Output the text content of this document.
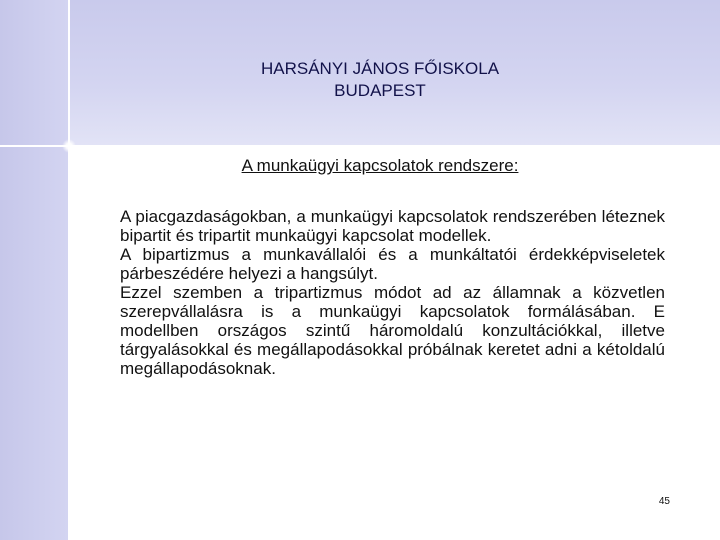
HARSÁNYI JÁNOS FŐISKOLA
BUDAPEST
A munkaügyi kapcsolatok rendszere:

A piacgazdaságokban, a munkaügyi kapcsolatok rendszerében léteznek bipartit és tripartit munkaügyi kapcsolat modellek.

A bipartizmus a munkavállalói és a munkáltatói érdekképviseletek párbeszédére helyezi a hangsúlyt.

Ezzel szemben a tripartizmus módot ad az államnak a közvetlen szerepvállalásra is a munkaügyi kapcsolatok formálásában. E modellben országos szintű háromoldalú konzultációkkal, illetve tárgyalásokkal és megállapodásokkal próbálnak keretet adni a kétoldalú megállapodásoknak.

45
